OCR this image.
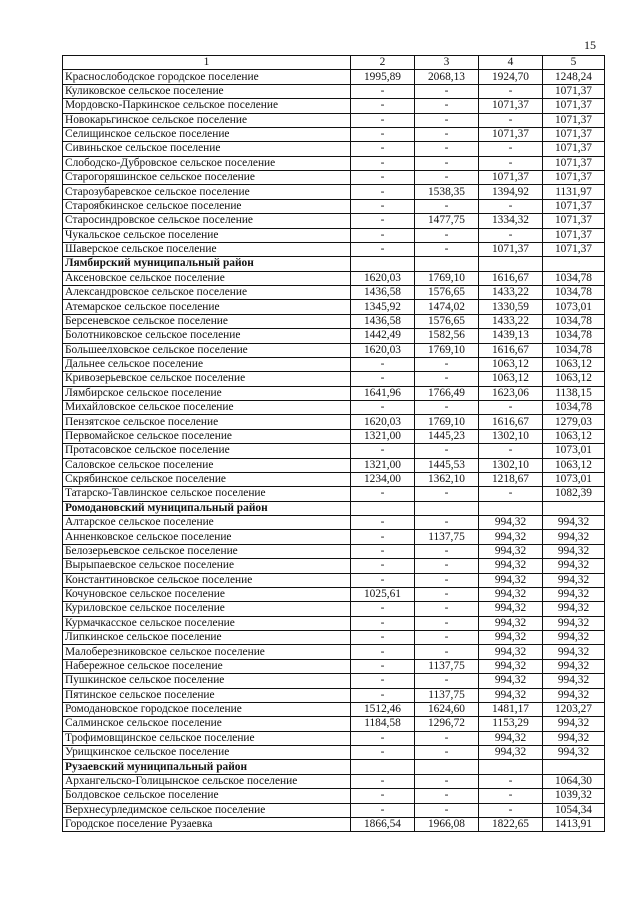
15
1	2	3	4	5
Краснослободское городское поселение	1995,89	2068,13	1924,70	1248,24
Куликовское сельское поселение	-	-	-	1071,37
Мордовско-Паркинское сельское поселение	-	-	1071,37	1071,37
Новокарьгинское сельское поселение	-	-	-	1071,37
Селищинское сельское поселение	-	-	1071,37	1071,37
Сивиньское сельское поселение	-	-	-	1071,37
Слободско-Дубровское сельское поселение	-	-	-	1071,37
Старогоряшинское сельское поселение	-	-	1071,37	1071,37
Старозубаревское сельское поселение	-	1538,35	1394,92	1131,97
Староябкинское сельское поселение	-	-	-	1071,37
Старосиндровское сельское поселение	-	1477,75	1334,32	1071,37
Чукальское сельское поселение	-	-	-	1071,37
Шаверское сельское поселение	-	-	1071,37	1071,37
Лямбирский муниципальный район				
Аксеновское сельское поселение	1620,03	1769,10	1616,67	1034,78
Александровское сельское поселение	1436,58	1576,65	1433,22	1034,78
Атемарское сельское поселение	1345,92	1474,02	1330,59	1073,01
Берсеневское сельское поселение	1436,58	1576,65	1433,22	1034,78
Болотниковское сельское поселение	1442,49	1582,56	1439,13	1034,78
Большеелховское сельское поселение	1620,03	1769,10	1616,67	1034,78
Дальнее сельское поселение	-	-	1063,12	1063,12
Кривозерьевское сельское поселение	-	-	1063,12	1063,12
Лямбирское сельское поселение	1641,96	1766,49	1623,06	1138,15
Михайловское сельское поселение	-	-	-	1034,78
Пензятское сельское поселение	1620,03	1769,10	1616,67	1279,03
Первомайское сельское поселение	1321,00	1445,23	1302,10	1063,12
Протасовское сельское поселение	-	-	-	1073,01
Саловское сельское поселение	1321,00	1445,53	1302,10	1063,12
Скрябинское сельское поселение	1234,00	1362,10	1218,67	1073,01
Татарско-Тавлинское сельское поселение	-	-	-	1082,39
Ромодановский муниципальный район				
Алтарское сельское поселение	-	-	994,32	994,32
Анненковское сельское поселение	-	1137,75	994,32	994,32
Белозерьевское сельское поселение	-	-	994,32	994,32
Вырыпаевское сельское поселение	-	-	994,32	994,32
Константиновское сельское поселение	-	-	994,32	994,32
Кочуновское сельское поселение	1025,61	-	994,32	994,32
Куриловское сельское поселение	-	-	994,32	994,32
Курмачкасское сельское поселение	-	-	994,32	994,32
Липкинское сельское поселение	-	-	994,32	994,32
Малоберезниковское сельское поселение	-	-	994,32	994,32
Набережное сельское поселение	-	1137,75	994,32	994,32
Пушкинское сельское поселение	-	-	994,32	994,32
Пятинское сельское поселение	-	1137,75	994,32	994,32
Ромодановское городское поселение	1512,46	1624,60	1481,17	1203,27
Салминское сельское поселение	1184,58	1296,72	1153,29	994,32
Трофимовщинское сельское поселение	-	-	994,32	994,32
Урищкинское сельское поселение	-	-	994,32	994,32
Рузаевский муниципальный район				
Архангельско-Голицынское сельское поселение	-	-	-	1064,30
Болдовское сельское поселение	-	-	-	1039,32
Верхнесурледимское сельское поселение	-	-	-	1054,34
Городское поселение Рузаевка	1866,54	1966,08	1822,65	1413,91
